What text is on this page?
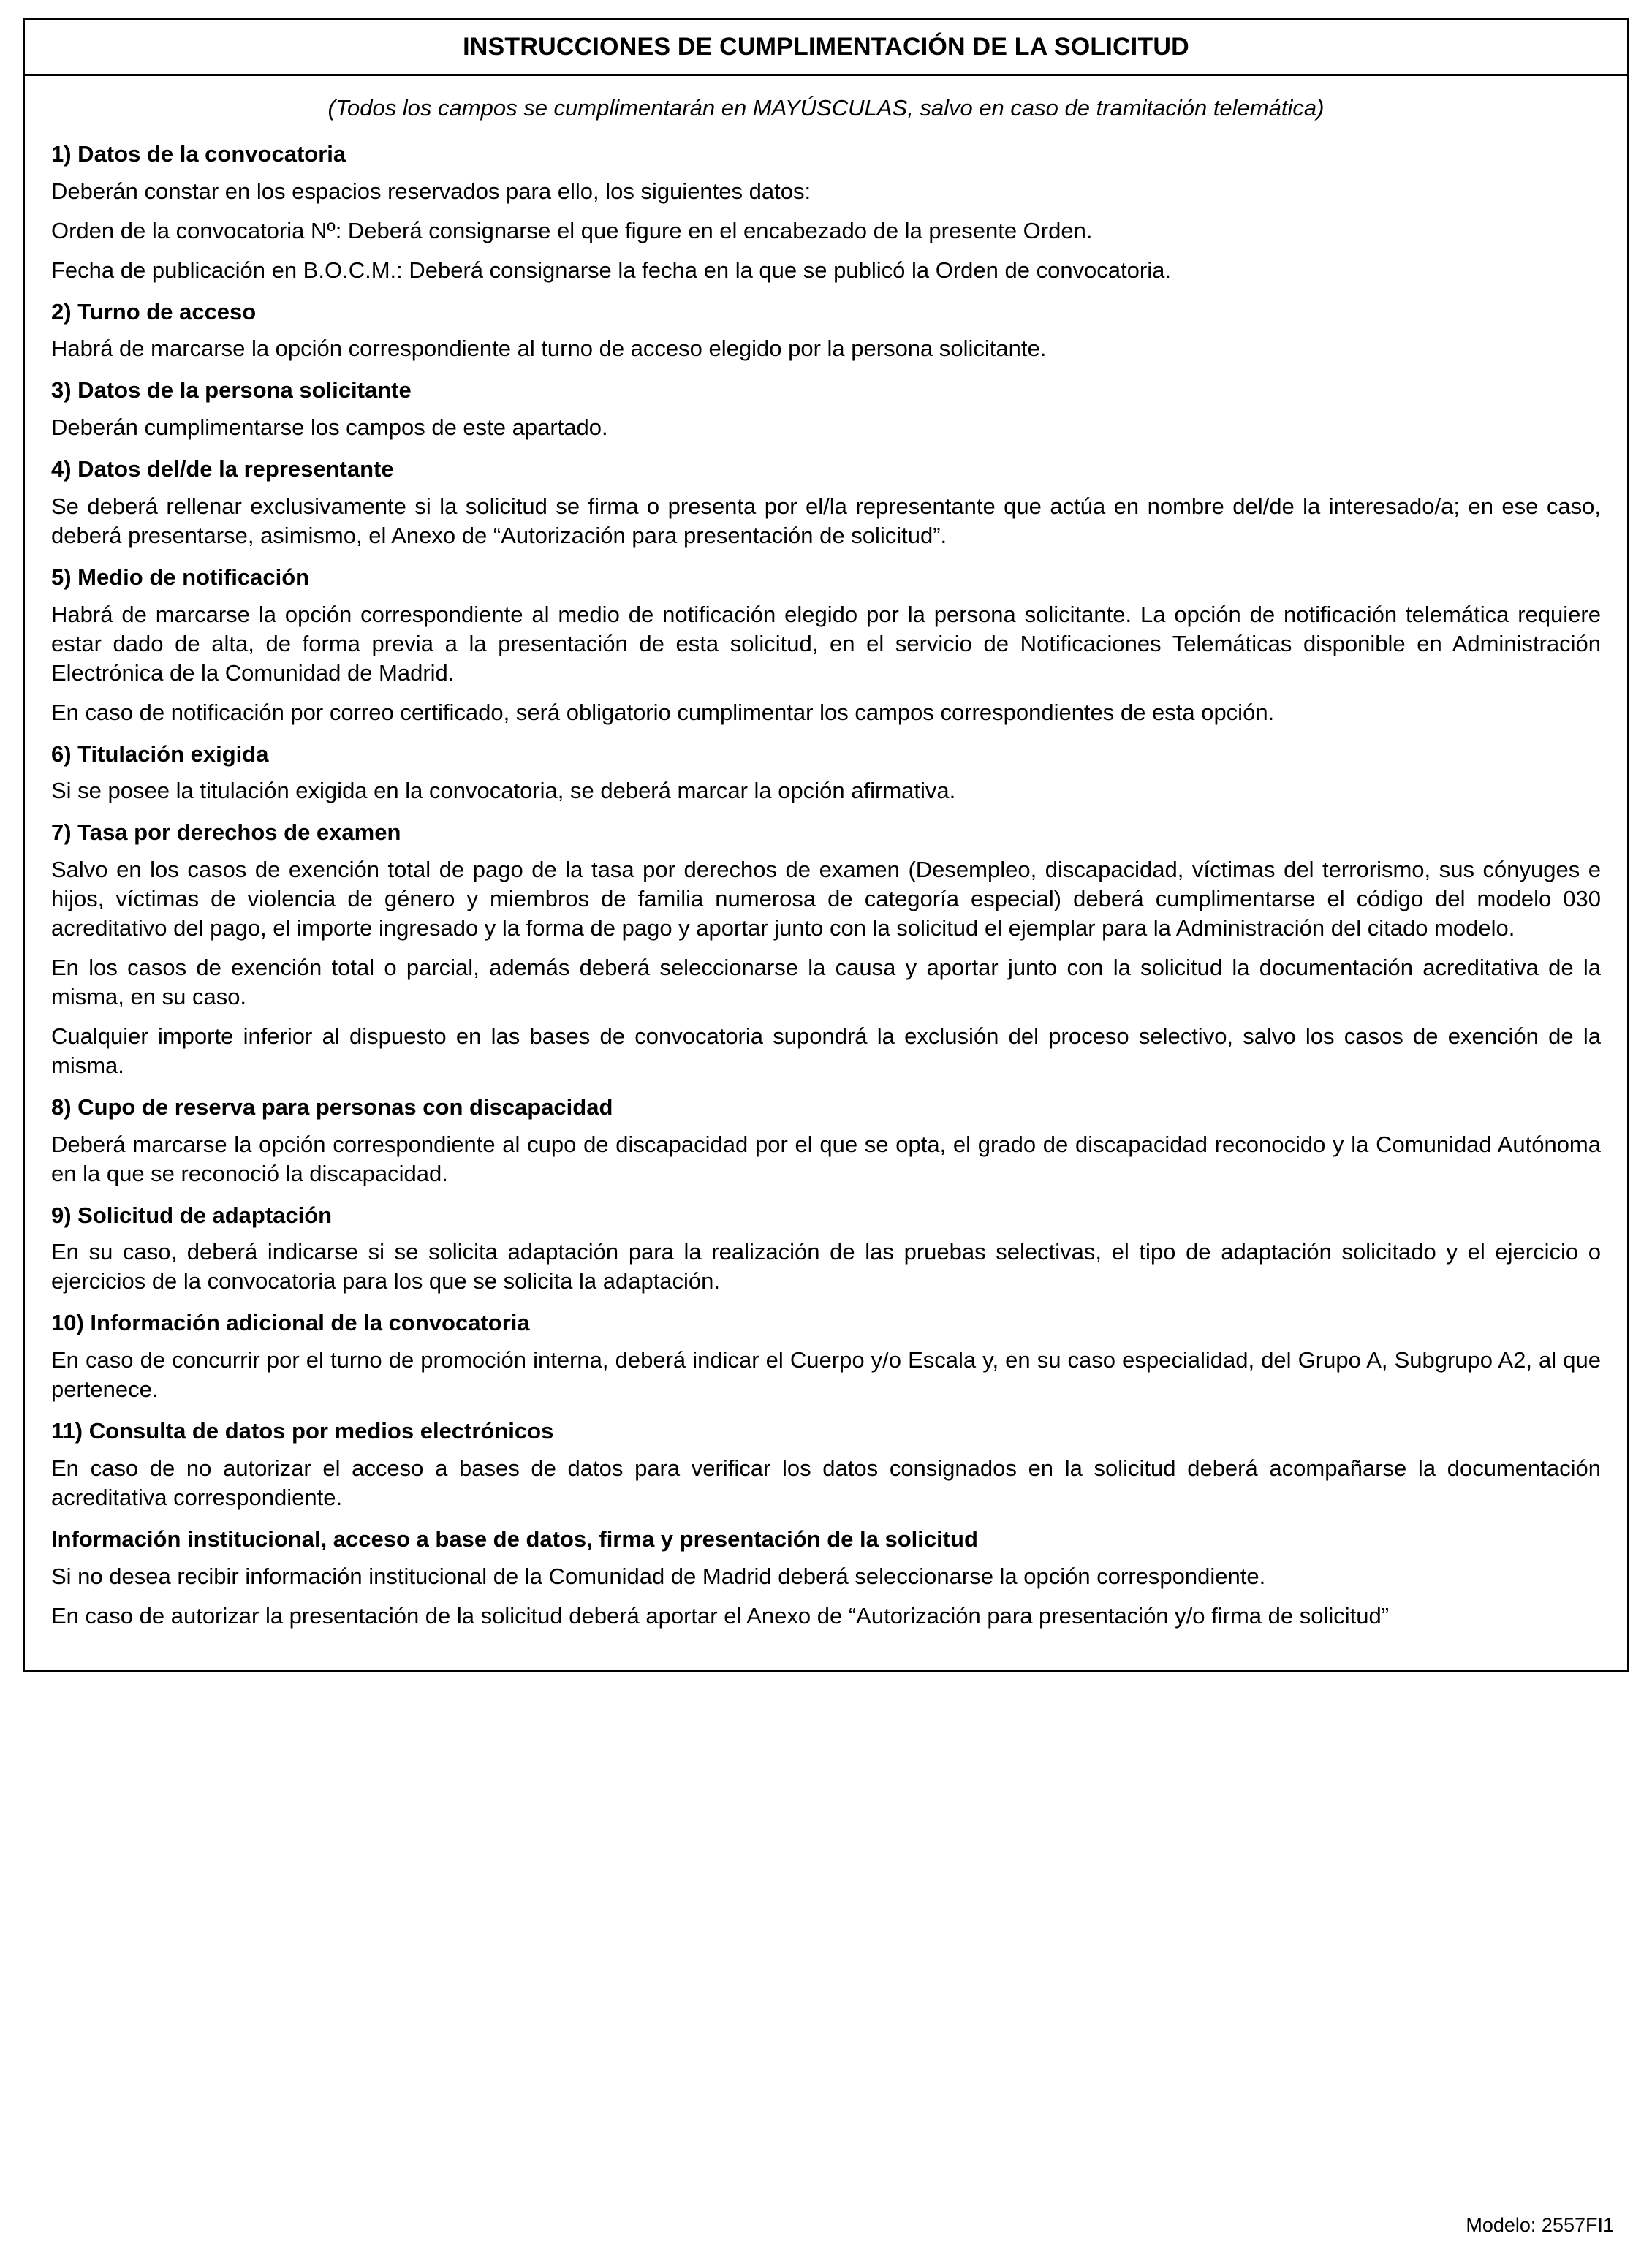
INSTRUCCIONES DE CUMPLIMENTACIÓN DE LA SOLICITUD

(Todos los campos se cumplimentarán en MAYÚSCULAS, salvo en caso de tramitación telemática)

1) Datos de la convocatoria

Deberán constar en los espacios reservados para ello, los siguientes datos:

Orden de la convocatoria Nº: Deberá consignarse el que figure en el encabezado de la presente Orden.

Fecha de publicación en B.O.C.M.: Deberá consignarse la fecha en la que se publicó la Orden de convocatoria.

2) Turno de acceso

Habrá de marcarse la opción correspondiente al turno de acceso elegido por la persona solicitante.

3) Datos de la persona solicitante

Deberán cumplimentarse los campos de este apartado.

4) Datos del/de la representante

Se deberá rellenar exclusivamente si la solicitud se firma o presenta por el/la representante que actúa en nombre del/de la interesado/a; en ese caso, deberá presentarse, asimismo, el Anexo de “Autorización para presentación de solicitud”.

5) Medio de notificación

Habrá de marcarse la opción correspondiente al medio de notificación elegido por la persona solicitante. La opción de notificación telemática requiere estar dado de alta, de forma previa a la presentación de esta solicitud, en el servicio de Notificaciones Telemáticas disponible en Administración Electrónica de la Comunidad de Madrid.

En caso de notificación por correo certificado, será obligatorio cumplimentar los campos correspondientes de esta opción.

6) Titulación exigida

Si se posee la titulación exigida en la convocatoria, se deberá marcar la opción afirmativa.

7) Tasa por derechos de examen

Salvo en los casos de exención total de pago de la tasa por derechos de examen (Desempleo, discapacidad, víctimas del terrorismo, sus cónyuges e hijos, víctimas de violencia de género y miembros de familia numerosa de categoría especial) deberá cumplimentarse el código del modelo 030 acreditativo del pago, el importe ingresado y la forma de pago y aportar junto con la solicitud el ejemplar para la Administración del citado modelo.

En los casos de exención total o parcial, además deberá seleccionarse la causa y aportar junto con la solicitud la documentación acreditativa de la misma, en su caso.

Cualquier importe inferior al dispuesto en las bases de convocatoria supondrá la exclusión del proceso selectivo, salvo los casos de exención de la misma.

8) Cupo de reserva para personas con discapacidad

Deberá marcarse la opción correspondiente al cupo de discapacidad por el que se opta, el grado de discapacidad reconocido y la Comunidad Autónoma en la que se reconoció la discapacidad.

9) Solicitud de adaptación

En su caso, deberá indicarse si se solicita adaptación para la realización de las pruebas selectivas, el tipo de adaptación solicitado y el ejercicio o ejercicios de la convocatoria para los que se solicita la adaptación.

10) Información adicional de la convocatoria

En caso de concurrir por el turno de promoción interna, deberá indicar el Cuerpo y/o Escala y, en su caso especialidad, del Grupo A, Subgrupo A2, al que pertenece.

11) Consulta de datos por medios electrónicos

En caso de no autorizar el acceso a bases de datos para verificar los datos consignados en la solicitud deberá acompañarse la documentación acreditativa correspondiente.

Información institucional, acceso a base de datos, firma y presentación de la solicitud

Si no desea recibir información institucional de la Comunidad de Madrid deberá seleccionarse la opción correspondiente.

En caso de autorizar la presentación de la solicitud deberá aportar el Anexo de “Autorización para presentación y/o firma de solicitud”

Modelo: 2557FI1
